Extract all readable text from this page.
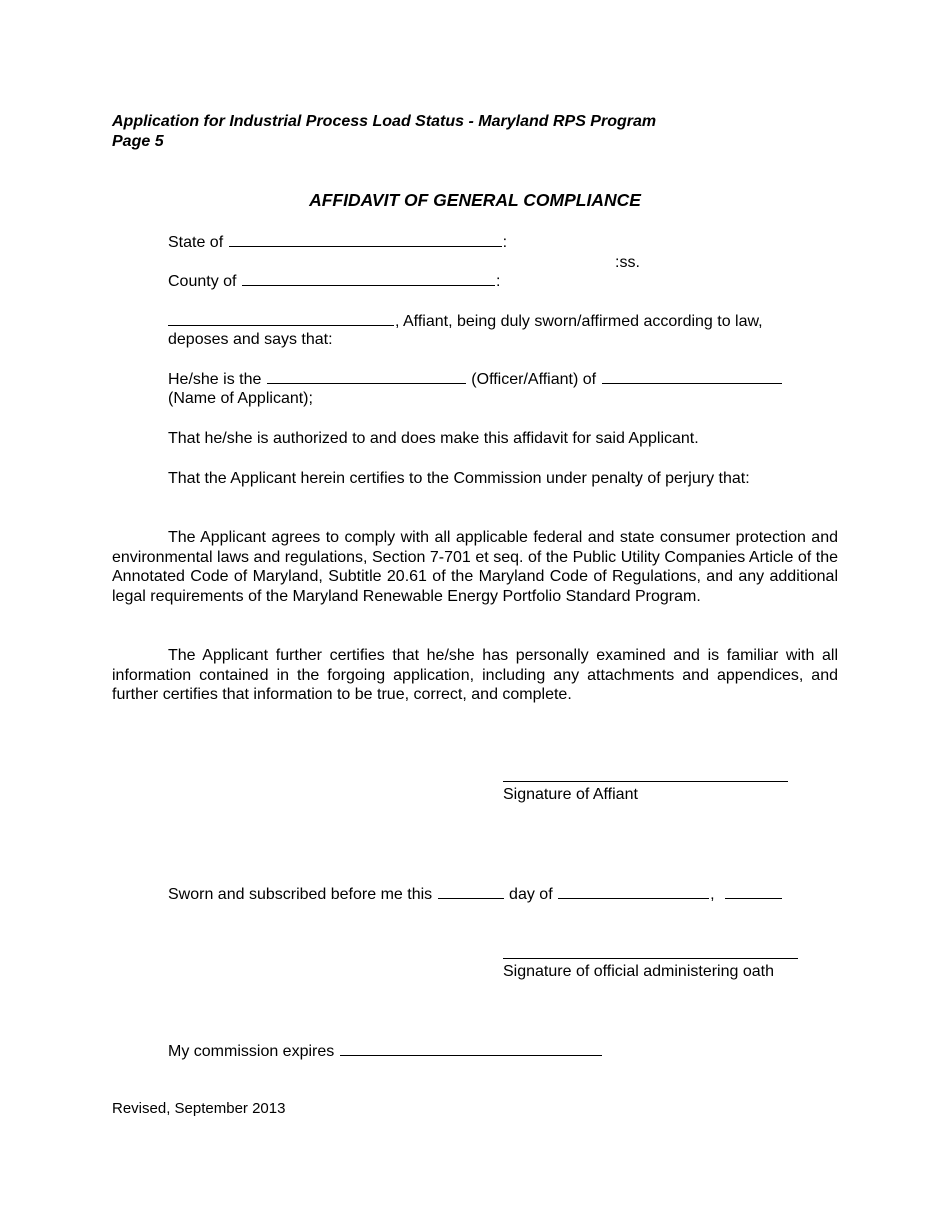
Application for Industrial Process Load Status - Maryland RPS Program
Page 5
AFFIDAVIT OF GENERAL COMPLIANCE
State of	:
:ss.
County of	:
, Affiant, being duly sworn/affirmed according to law,
deposes and says that:
He/she is the	(Officer/Affiant) of
(Name of Applicant);
That he/she is authorized to and does make this affidavit for said Applicant.
That the Applicant herein certifies to the Commission under penalty of perjury that:
The Applicant agrees to comply with all applicable federal and state consumer protection and environmental laws and regulations, Section 7-701 et seq. of the Public Utility Companies Article of the Annotated Code of Maryland, Subtitle 20.61 of the Maryland Code of Regulations, and any additional legal requirements of the Maryland Renewable Energy Portfolio Standard Program.
The Applicant further certifies that he/she has personally examined and is familiar with all information contained in the forgoing application, including any attachments and appendices, and further certifies that information to be true, correct, and complete.
Signature of Affiant
Sworn and subscribed before me this	day of	,
Signature of official administering oath
My commission expires
Revised, September 2013
